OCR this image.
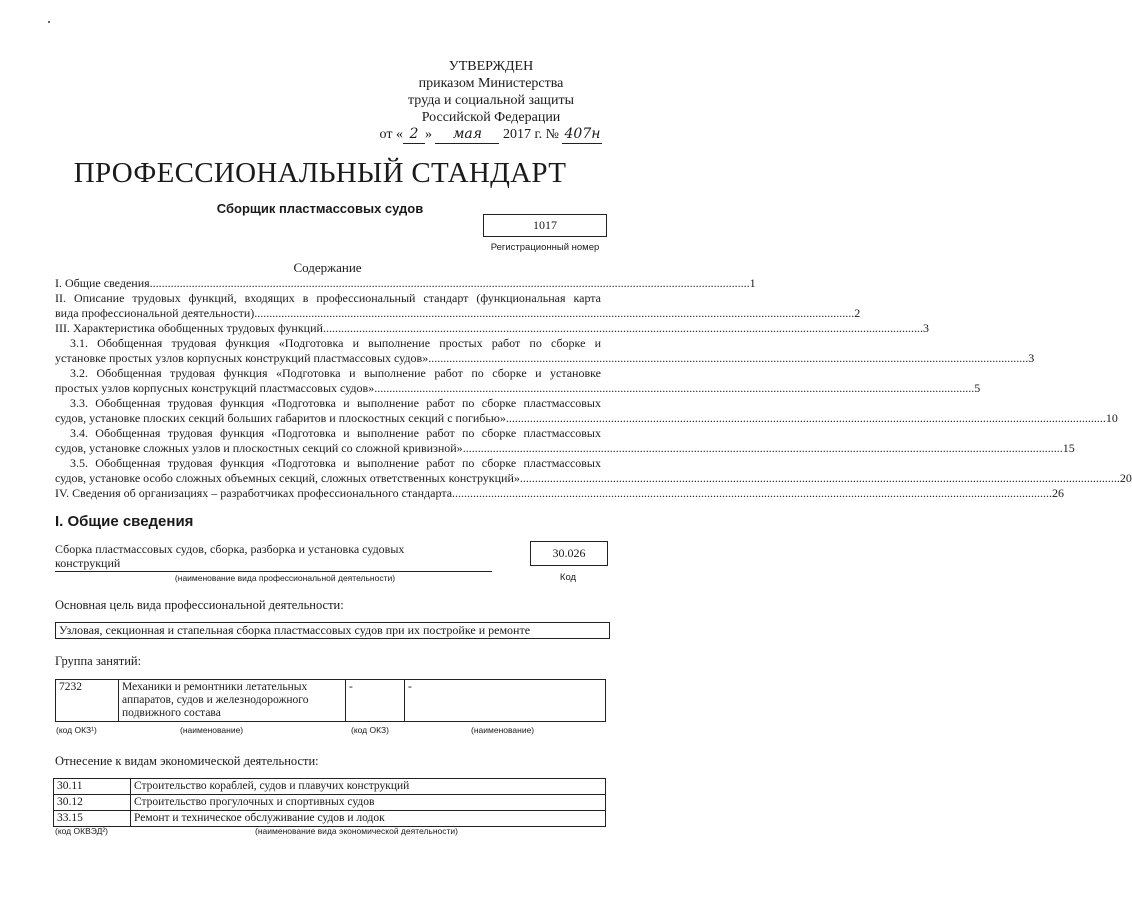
УТВЕРЖДЕН
приказом Министерства
труда и социальной защиты
Российской Федерации
от « 2 » мая 2017 г. № 407н
ПРОФЕССИОНАЛЬНЫЙ СТАНДАРТ
Сборщик пластмассовых судов
1017
Регистрационный номер
Содержание
I. Общие сведения .....	1
II. Описание трудовых функций, входящих в профессиональный стандарт (функциональная карта
вида профессиональной деятельности) .....	2
III. Характеристика обобщенных трудовых функций .....	3
3.1. Обобщенная трудовая функция «Подготовка и выполнение простых работ по сборке и
установке простых узлов корпусных конструкций пластмассовых судов» .....	3
3.2. Обобщенная трудовая функция «Подготовка и выполнение работ по сборке и установке
простых узлов корпусных конструкций пластмассовых судов» .....	5
3.3. Обобщенная трудовая функция «Подготовка и выполнение работ по сборке пластмассовых
судов, установке плоских секций больших габаритов и плоскостных секций с погибью» .....	10
3.4. Обобщенная трудовая функция «Подготовка и выполнение работ по сборке пластмассовых
судов, установке сложных узлов и плоскостных секций со сложной кривизной» .....	15
3.5. Обобщенная трудовая функция «Подготовка и выполнение работ по сборке пластмассовых
судов, установке особо сложных объемных секций, сложных ответственных конструкций» .....	20
IV. Сведения об организациях – разработчиках профессионального стандарта .....	26
I. Общие сведения
Сборка пластмассовых судов, сборка, разборка и установка судовых конструкций
(наименование вида профессиональной деятельности)
30.026
Код
Основная цель вида профессиональной деятельности:
Узловая, секционная и стапельная сборка пластмассовых судов при их постройке и ремонте
Группа занятий:
7232	Механики и ремонтники летательных аппаратов, судов и железнодорожного подвижного состава	-	-
(код ОКЗ¹)	(наименование)	(код ОКЗ)	(наименование)
Отнесение к видам экономической деятельности:
30.11	Строительство кораблей, судов и плавучих конструкций
30.12	Строительство прогулочных и спортивных судов
33.15	Ремонт и техническое обслуживание судов и лодок
(код ОКВЭД²)	(наименование вида экономической деятельности)
